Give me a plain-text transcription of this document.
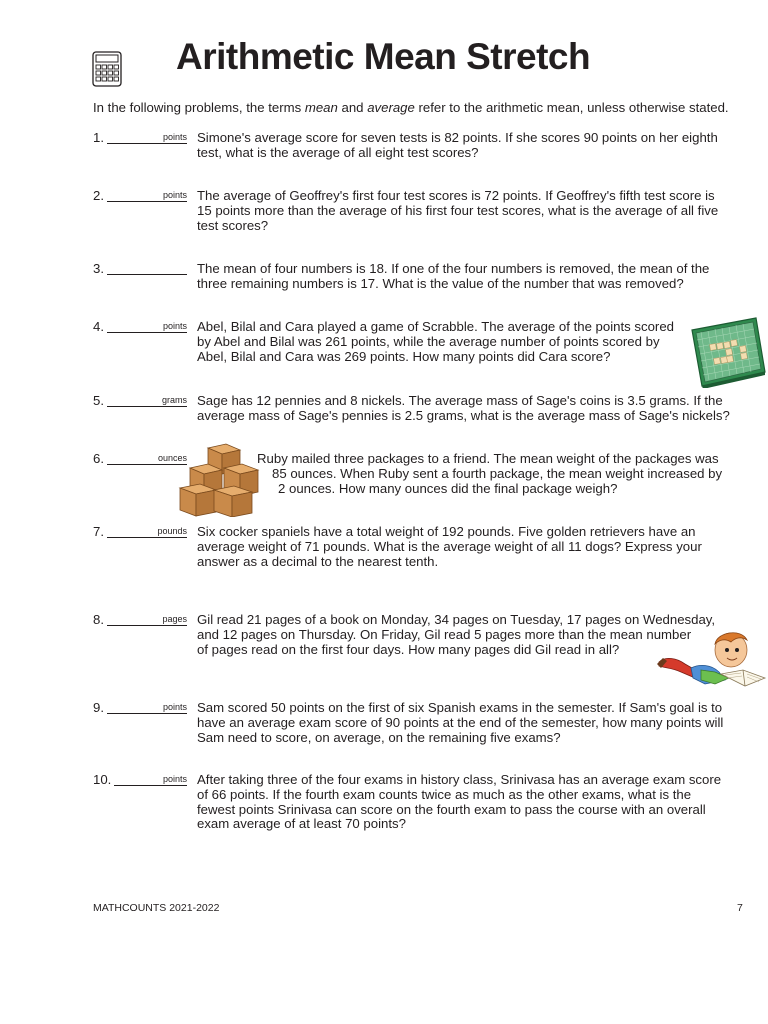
Arithmetic Mean Stretch
In the following problems, the terms mean and average refer to the arithmetic mean, unless otherwise stated.
1.	points Simone's average score for seven tests is 82 points. If she scores 90 points on her eighth
test, what is the average of all eight test scores?
2.	points The average of Geoffrey's first four test scores is 72 points. If Geoffrey's fifth test score is
15 points more than the average of his first four test scores, what is the average of all five
test scores?
3.	The mean of four numbers is 18. If one of the four numbers is removed, the mean of the
three remaining numbers is 17. What is the value of the number that was removed?
4.	points Abel, Bilal and Cara played a game of Scrabble. The average of the points scored
by Abel and Bilal was 261 points, while the average number of points scored by
Abel, Bilal and Cara was 269 points. How many points did Cara score?
5.	grams Sage has 12 pennies and 8 nickels. The average mass of Sage's coins is 3.5 grams. If the
average mass of Sage's pennies is 2.5 grams, what is the average mass of Sage's nickels?
6.	ounces	Ruby mailed three packages to a friend. The mean weight of the packages was
85 ounces. When Ruby sent a fourth package, the mean weight increased by
2 ounces. How many ounces did the final package weigh?
7.	pounds Six cocker spaniels have a total weight of 192 pounds. Five golden retrievers have an
average weight of 71 pounds. What is the average weight of all 11 dogs? Express your
answer as a decimal to the nearest tenth.
8.	pages Gil read 21 pages of a book on Monday, 34 pages on Tuesday, 17 pages on Wednesday,
and 12 pages on Thursday. On Friday, Gil read 5 pages more than the mean number
of pages read on the first four days. How many pages did Gil read in all?
9.	points Sam scored 50 points on the first of six Spanish exams in the semester. If Sam's goal is to
have an average exam score of 90 points at the end of the semester, how many points will
Sam need to score, on average, on the remaining five exams?
10.	points After taking three of the four exams in history class, Srinivasa has an average exam score
of 66 points. If the fourth exam counts twice as much as the other exams, what is the
fewest points Srinivasa can score on the fourth exam to pass the course with an overall
exam average of at least 70 points?
MATHCOUNTS 2021-2022	7
